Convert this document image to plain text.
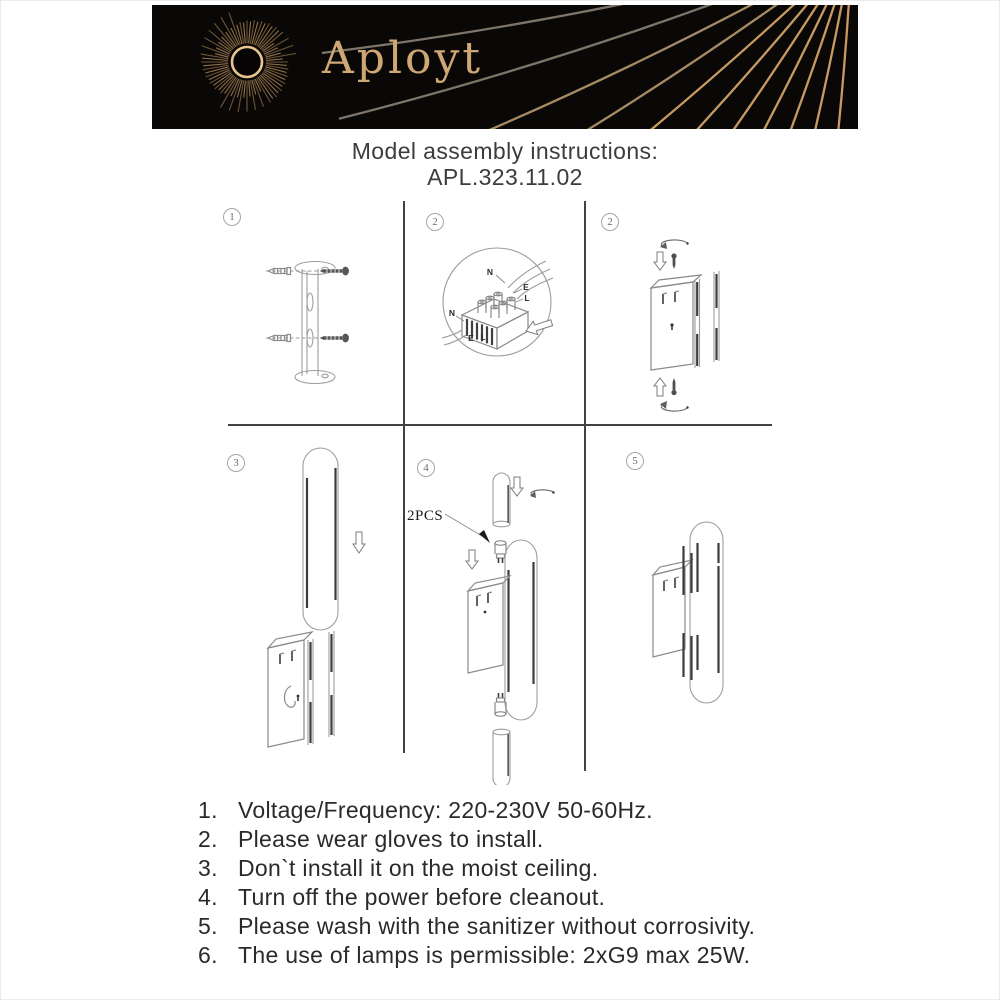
Aployt
Model assembly instructions:
APL.323.11.02
1	2	2
3	4
5
N
E
L
N
E L
2PCS
1. Voltage/Frequency: 220-230V 50-60Hz.
2. Please wear gloves to install.
3. Don`t install it on the moist ceiling.
4. Turn off the power before cleanout.
5. Please wash with the sanitizer without corrosivity.
6. The use of lamps is permissible: 2xG9 max 25W.
